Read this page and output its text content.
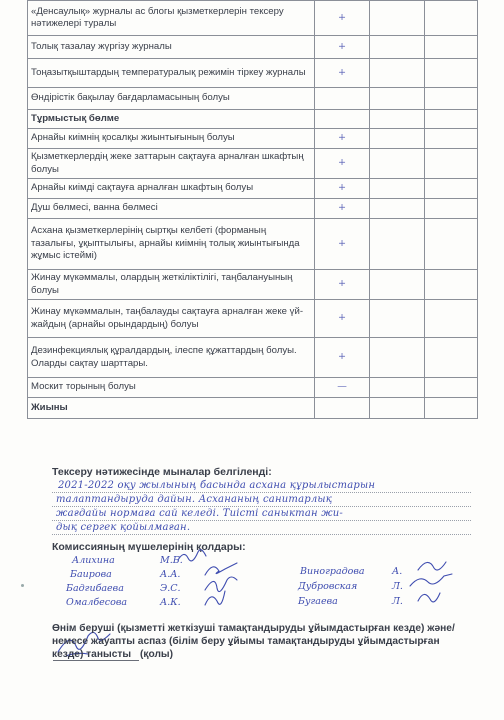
«Денсаулық» журналы ас блогы қызметкерлерін тексеру нәтижелері туралы	+		
Толық тазалау жүргізу журналы	+		
Тоңазытқыштардың температуралық режимін тіркеу журналы	+		
Өндірістік бақылау бағдарламасының болуы			
Тұрмыстық бөлме			
Арнайы киімнің қосалқы жиынтығының болуы	+		
Қызметкерлердің жеке заттарын сақтауға арналған шкафтың болуы	+		
Арнайы киімді сақтауға арналған шкафтың болуы	+		
Душ бөлмесі, ванна бөлмесі	+		
Асхана қызметкерлерінің сыртқы келбеті (форманың тазалығы, ұқыптылығы, арнайы киімнің толық жиынтығында жұмыс істеймі)	+		
Жинау мүкәммалы, олардың жеткіліктілігі, таңбалануының болуы	+		
Жинау мүкәммалын, таңбалауды сақтауға арналған жеке үй-жайдың (арнайы орындардың) болуы	+		
Дезинфекциялық құралдардың, ілеспе құжаттардың болуы. Оларды сақтау шарттары.	+		
Москит торының болуы	—		
Жиыны			
Тексеру нәтижесінде мыналар белгіленді:
2021-2022 оқу жылының басында асхана құрылыстарын
талаптандыруда дайын. Асхананың санитарлық
жағдайы нормаға сай келеді. Тиісті саныктан жи-
дық сергек қойылмаған.
Комиссияның мүшелерінің қолдары:
Алихина	М.Б.
Баирова	А.А.
Бадгибаева	Э.С.
Омалбесова	А.К.
Виноградова	А.
Дубровская	Л.
Бугаева	Л.
Өнім беруші (қызметті жеткізуші тамақтандыруды ұйымдастырған кезде) және/немесе жауапты аспаз (білім беру ұйымы тамақтандыруды ұйымдастырған кезде) танысты (қолы)
